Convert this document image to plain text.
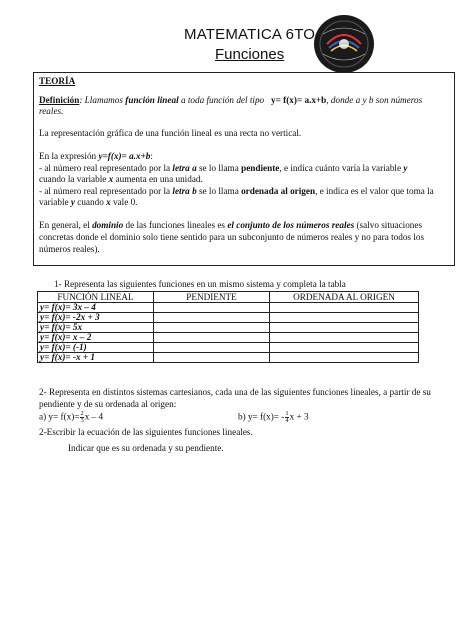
MATEMATICA 6TO
Funciones
TEORÍA
Definición: Llamamos función lineal a toda función del tipo   y= f(x)= a.x+b, donde a y b son números
reales.
La representación gráfica de una función lineal es una recta no vertical.
En la expresión y=f(x)= a.x+b:
- al número real representado por la letra a se lo llama pendiente, e indica cuánto varía la variable y
cuando la variable x aumenta en una unidad.
- al número real representado por la letra b se lo llama ordenada al origen, e indica es el valor que toma la
variable y cuando x vale 0.
En general, el dominio de las funciones lineales es el conjunto de los números reales (salvo situaciones
concretas donde el dominio solo tiene sentido para un subconjunto de números reales y no para todos los
números reales).
1- Representa las siguientes funciones en un mismo sistema y completa la tabla
FUNCIÓN LINEAL	PENDIENTE	ORDENADA AL ORIGEN
y= f(x)= 3x – 4		
y= f(x)= -2x + 3		
y= f(x)= 5x		
y= f(x)= x – 2		
y= f(x)= (-1)		
y= f(x)= -x + 1		
2- Representa en distintos sistemas cartesianos, cada una de las siguientes funciones lineales, a partir de su
pendiente y de su ordenada al origen:
a) $y= f(x)= \frac{2}{3}$ x – 4	b) $y= f(x)= - \frac{1}{4}$ x + 3
2-Escribir la ecuación de las siguientes funciones lineales.
Indicar que es su ordenada y su pendiente.
